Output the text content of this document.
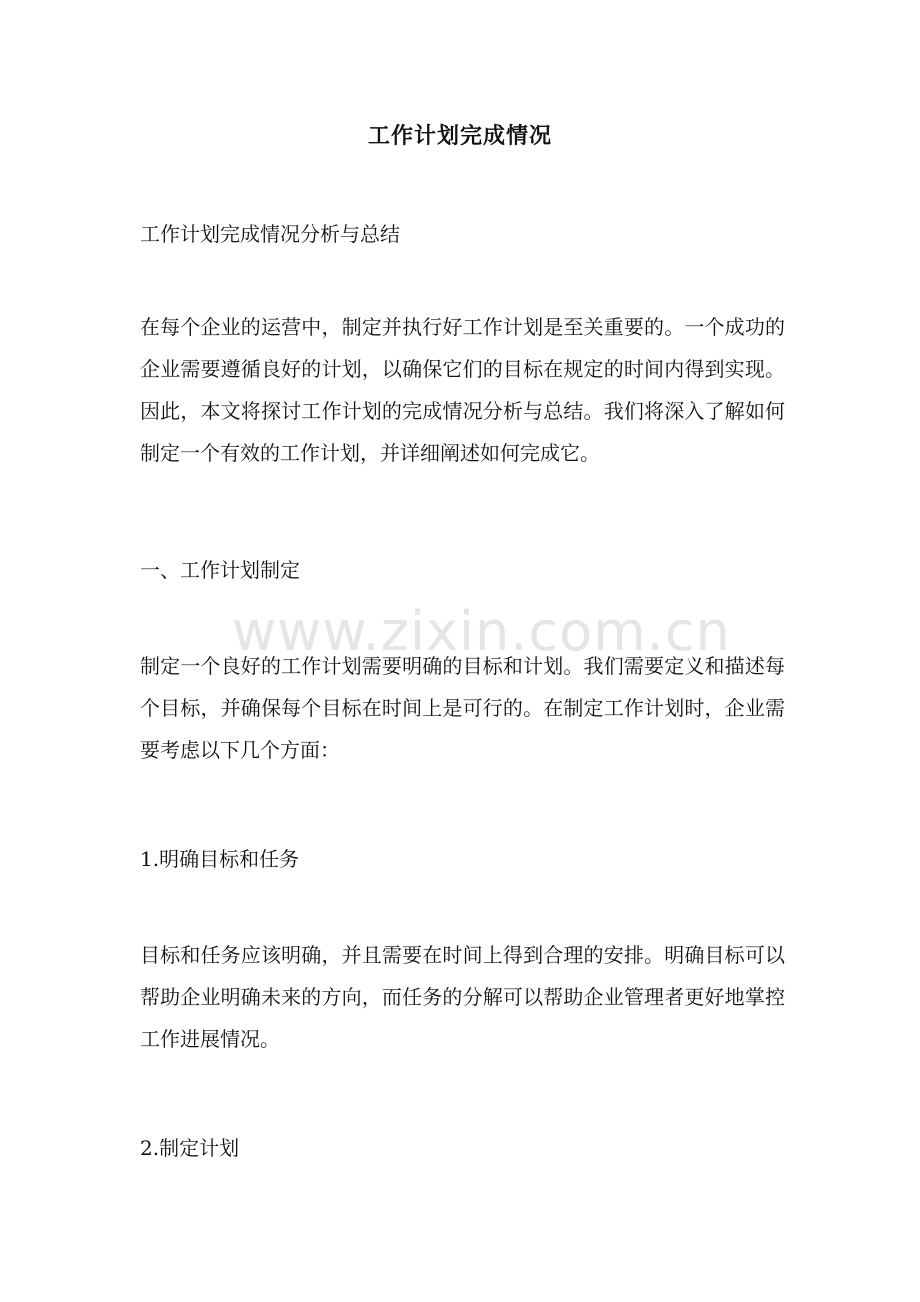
工作计划完成情况

工作计划完成情况分析与总结

在每个企业的运营中，制定并执行好工作计划是至关重要的。一个成功的企业需要遵循良好的计划，以确保它们的目标在规定的时间内得到实现。因此，本文将探讨工作计划的完成情况分析与总结。我们将深入了解如何制定一个有效的工作计划，并详细阐述如何完成它。

一、工作计划制定

制定一个良好的工作计划需要明确的目标和计划。我们需要定义和描述每个目标，并确保每个目标在时间上是可行的。在制定工作计划时，企业需要考虑以下几个方面：

1.明确目标和任务

目标和任务应该明确，并且需要在时间上得到合理的安排。明确目标可以帮助企业明确未来的方向，而任务的分解可以帮助企业管理者更好地掌控工作进展情况。

2.制定计划

www.zixin.com.cn
